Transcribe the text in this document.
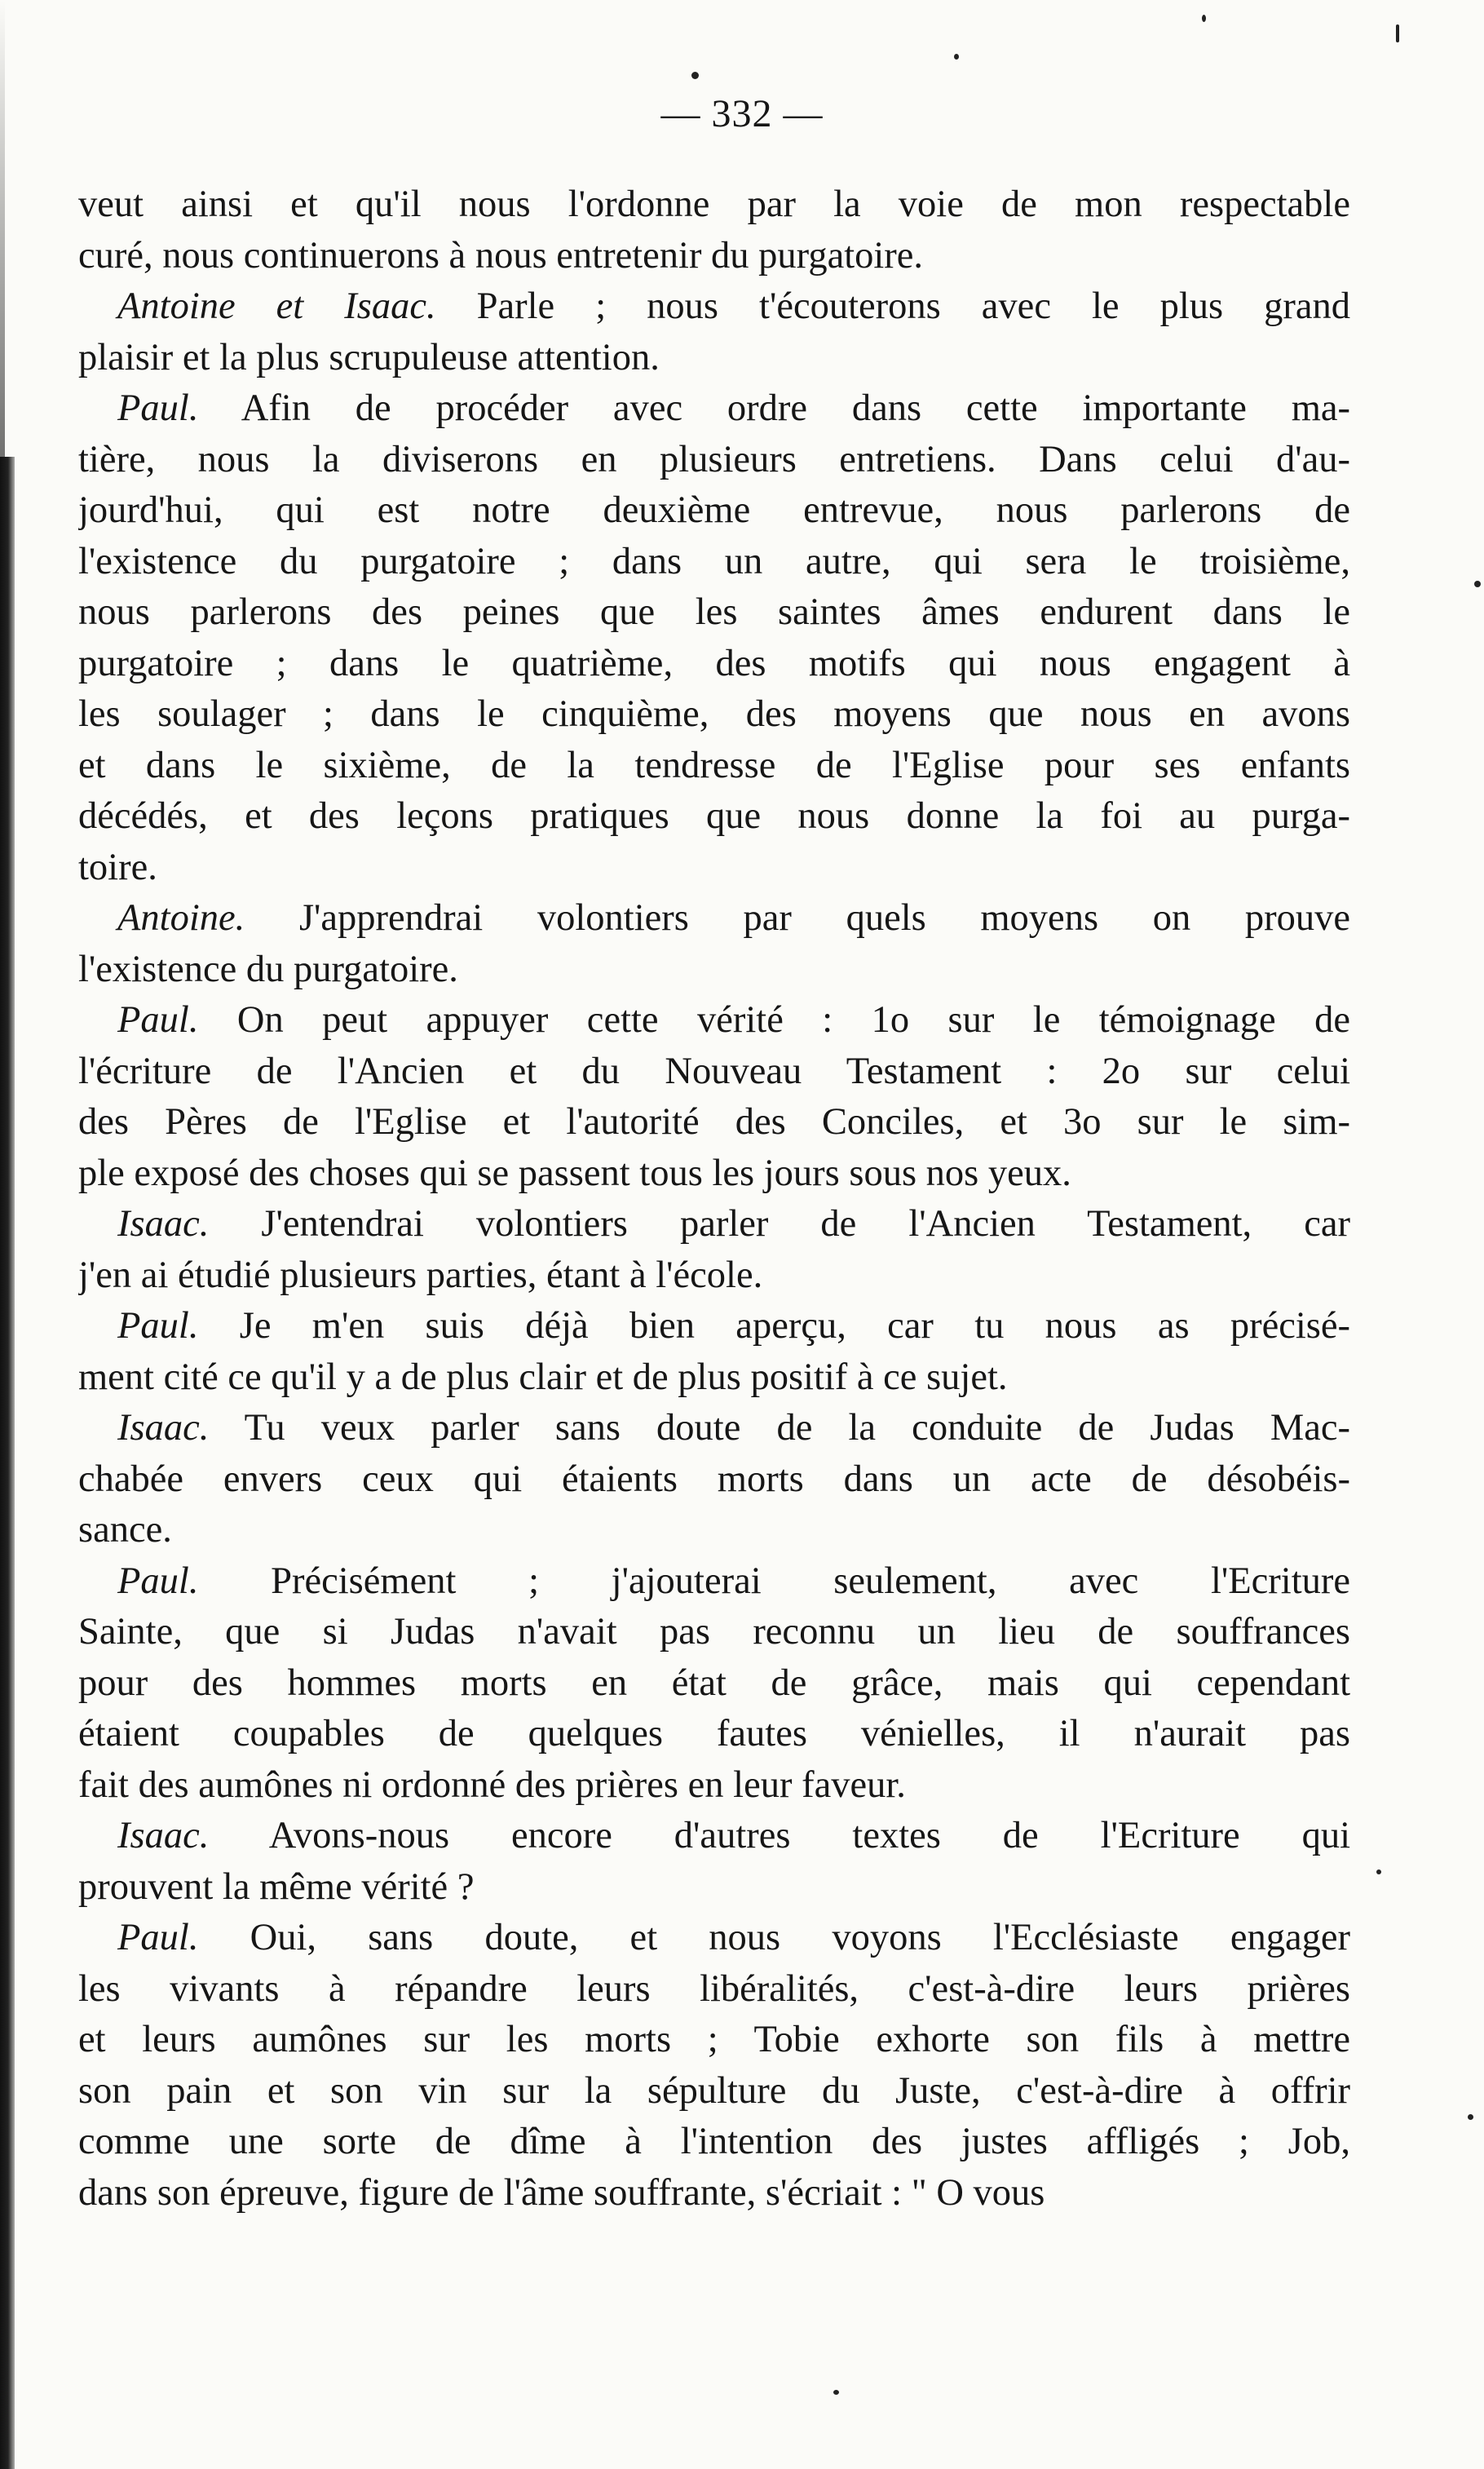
— 332 —
veut ainsi et qu'il nous l'ordonne par la voie de mon respectable
curé, nous continuerons à nous entretenir du purgatoire.
Antoine et Isaac. Parle ; nous t'écouterons avec le plus grand
plaisir et la plus scrupuleuse attention.
Paul. Afin de procéder avec ordre dans cette importante ma-
tière, nous la diviserons en plusieurs entretiens. Dans celui d'au-
jourd'hui, qui est notre deuxième entrevue, nous parlerons de
l'existence du purgatoire ; dans un autre, qui sera le troisième,
nous parlerons des peines que les saintes âmes endurent dans le
purgatoire ; dans le quatrième, des motifs qui nous engagent à
les soulager ; dans le cinquième, des moyens que nous en avons
et dans le sixième, de la tendresse de l'Eglise pour ses enfants
décédés, et des leçons pratiques que nous donne la foi au purga-
toire.
Antoine. J'apprendrai volontiers par quels moyens on prouve
l'existence du purgatoire.
Paul. On peut appuyer cette vérité : 1o sur le témoignage de
l'écriture de l'Ancien et du Nouveau Testament : 2o sur celui
des Pères de l'Eglise et l'autorité des Conciles, et 3o sur le sim-
ple exposé des choses qui se passent tous les jours sous nos yeux.
Isaac. J'entendrai volontiers parler de l'Ancien Testament, car
j'en ai étudié plusieurs parties, étant à l'école.
Paul. Je m'en suis déjà bien aperçu, car tu nous as précisé-
ment cité ce qu'il y a de plus clair et de plus positif à ce sujet.
Isaac. Tu veux parler sans doute de la conduite de Judas Mac-
chabée envers ceux qui étaients morts dans un acte de désobéis-
sance.
Paul. Précisément ; j'ajouterai seulement, avec l'Ecriture
Sainte, que si Judas n'avait pas reconnu un lieu de souffrances
pour des hommes morts en état de grâce, mais qui cependant
étaient coupables de quelques fautes vénielles, il n'aurait pas
fait des aumônes ni ordonné des prières en leur faveur.
Isaac. Avons-nous encore d'autres textes de l'Ecriture qui
prouvent la même vérité ?
Paul. Oui, sans doute, et nous voyons l'Ecclésiaste engager
les vivants à répandre leurs libéralités, c'est-à-dire leurs prières
et leurs aumônes sur les morts ; Tobie exhorte son fils à mettre
son pain et son vin sur la sépulture du Juste, c'est-à-dire à offrir
comme une sorte de dîme à l'intention des justes affligés ; Job,
dans son épreuve, figure de l'âme souffrante, s'écriait : " O vous
